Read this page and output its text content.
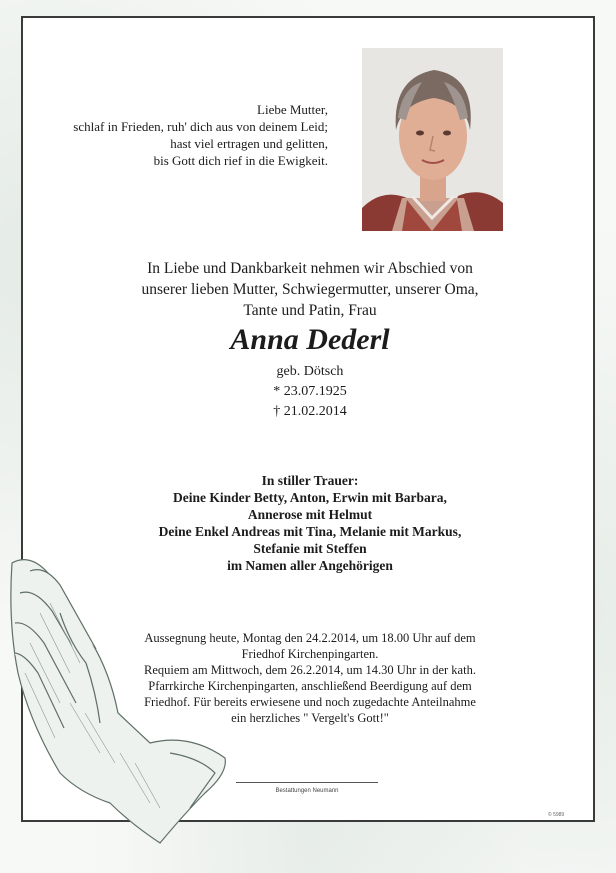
Liebe Mutter,
schlaf in Frieden, ruh' dich aus von deinem Leid;
hast viel ertragen und gelitten,
bis Gott dich rief in die Ewigkeit.
In Liebe und Dankbarkeit nehmen wir Abschied von
unserer lieben Mutter, Schwiegermutter, unserer Oma,
Tante und Patin, Frau
Anna Dederl
geb. Dötsch
* 23.07.1925
† 21.02.2014
In stiller Trauer:
Deine Kinder Betty, Anton, Erwin mit Barbara,
Annerose mit Helmut
Deine Enkel Andreas mit Tina, Melanie mit Markus,
Stefanie mit Steffen
im Namen aller Angehörigen
Aussegnung heute, Montag den 24.2.2014, um 18.00 Uhr auf dem
Friedhof Kirchenpingarten.
Requiem am Mittwoch, dem 26.2.2014, um 14.30 Uhr in der kath.
Pfarrkirche Kirchenpingarten, anschließend Beerdigung auf dem
Friedhof. Für bereits erwiesene und noch zugedachte Anteilnahme
ein herzliches " Vergelt's Gott!"
Bestattungen Neumann
© 5989
